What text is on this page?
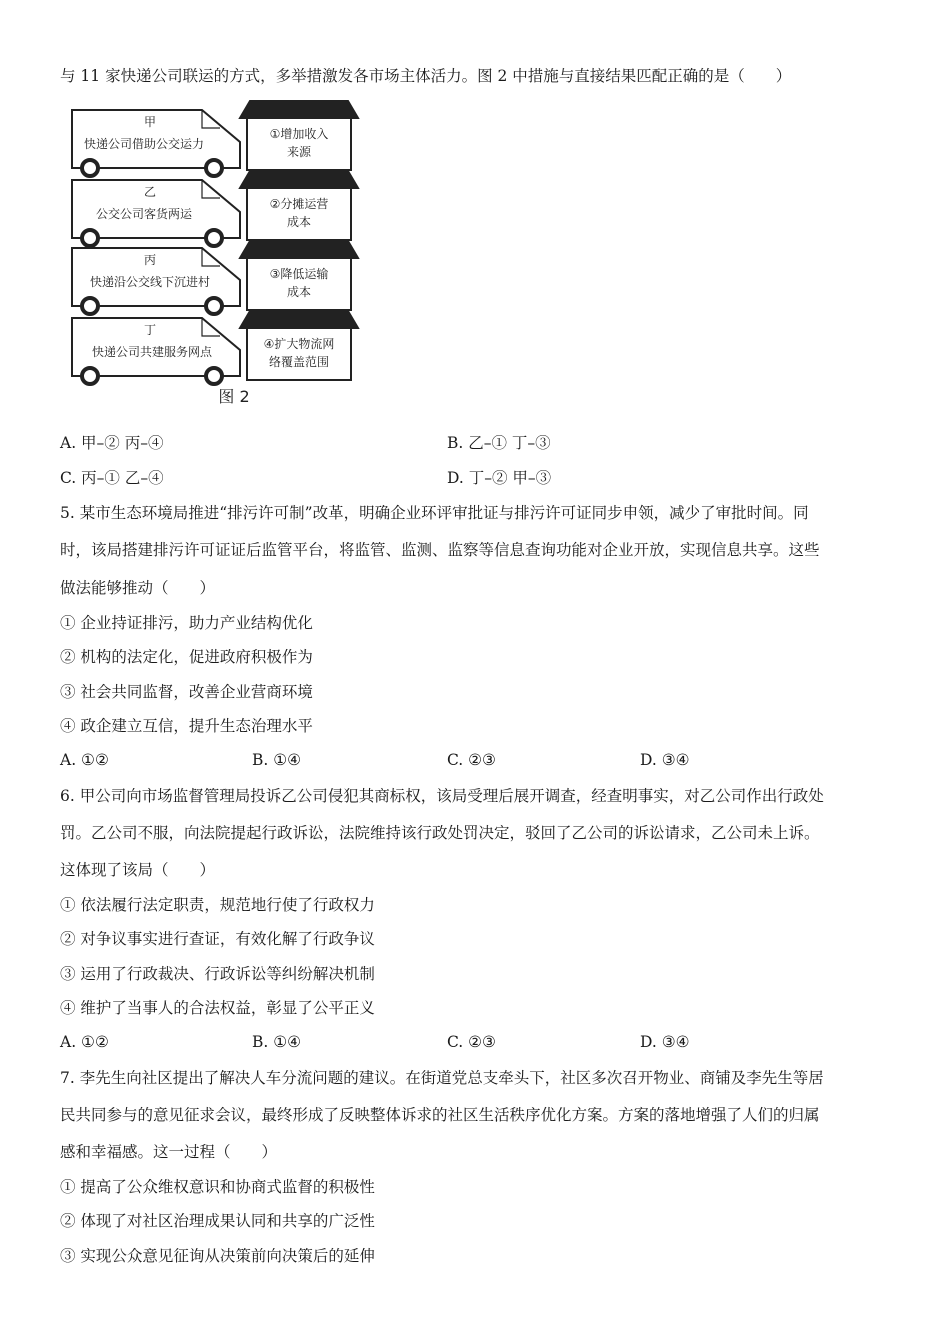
与 11 家快递公司联运的方式，多举措激发各市场主体活力。图 2 中措施与直接结果匹配正确的是（　　）
甲
快递公司借助公交运力
乙
公交公司客货两运
丙
快递沿公交线下沉进村
丁
快递公司共建服务网点
①增加收入
来源
②分摊运营
成本
③降低运输
成本
④扩大物流网
络覆盖范围
图 2
A. 甲–② 丙–④	B. 乙–① 丁–③
C. 丙–① 乙–④	D. 丁–② 甲–③
5. 某市生态环境局推进“排污许可制”改革，明确企业环评审批证与排污许可证同步申领，减少了审批时间。同
时，该局搭建排污许可证证后监管平台，将监管、监测、监察等信息查询功能对企业开放，实现信息共享。这些
做法能够推动（　　）
① 企业持证排污，助力产业结构优化
② 机构的法定化，促进政府积极作为
③ 社会共同监督，改善企业营商环境
④ 政企建立互信，提升生态治理水平
A. ①②	B. ①④	C. ②③	D. ③④
6. 甲公司向市场监督管理局投诉乙公司侵犯其商标权，该局受理后展开调查，经查明事实，对乙公司作出行政处
罚。乙公司不服，向法院提起行政诉讼，法院维持该行政处罚决定，驳回了乙公司的诉讼请求，乙公司未上诉。
这体现了该局（　　）
① 依法履行法定职责，规范地行使了行政权力
② 对争议事实进行查证，有效化解了行政争议
③ 运用了行政裁决、行政诉讼等纠纷解决机制
④ 维护了当事人的合法权益，彰显了公平正义
A. ①②	B. ①④	C. ②③	D. ③④
7. 李先生向社区提出了解决人车分流问题的建议。在街道党总支牵头下，社区多次召开物业、商铺及李先生等居
民共同参与的意见征求会议，最终形成了反映整体诉求的社区生活秩序优化方案。方案的落地增强了人们的归属
感和幸福感。这一过程（　　）
① 提高了公众维权意识和协商式监督的积极性
② 体现了对社区治理成果认同和共享的广泛性
③ 实现公众意见征询从决策前向决策后的延伸
